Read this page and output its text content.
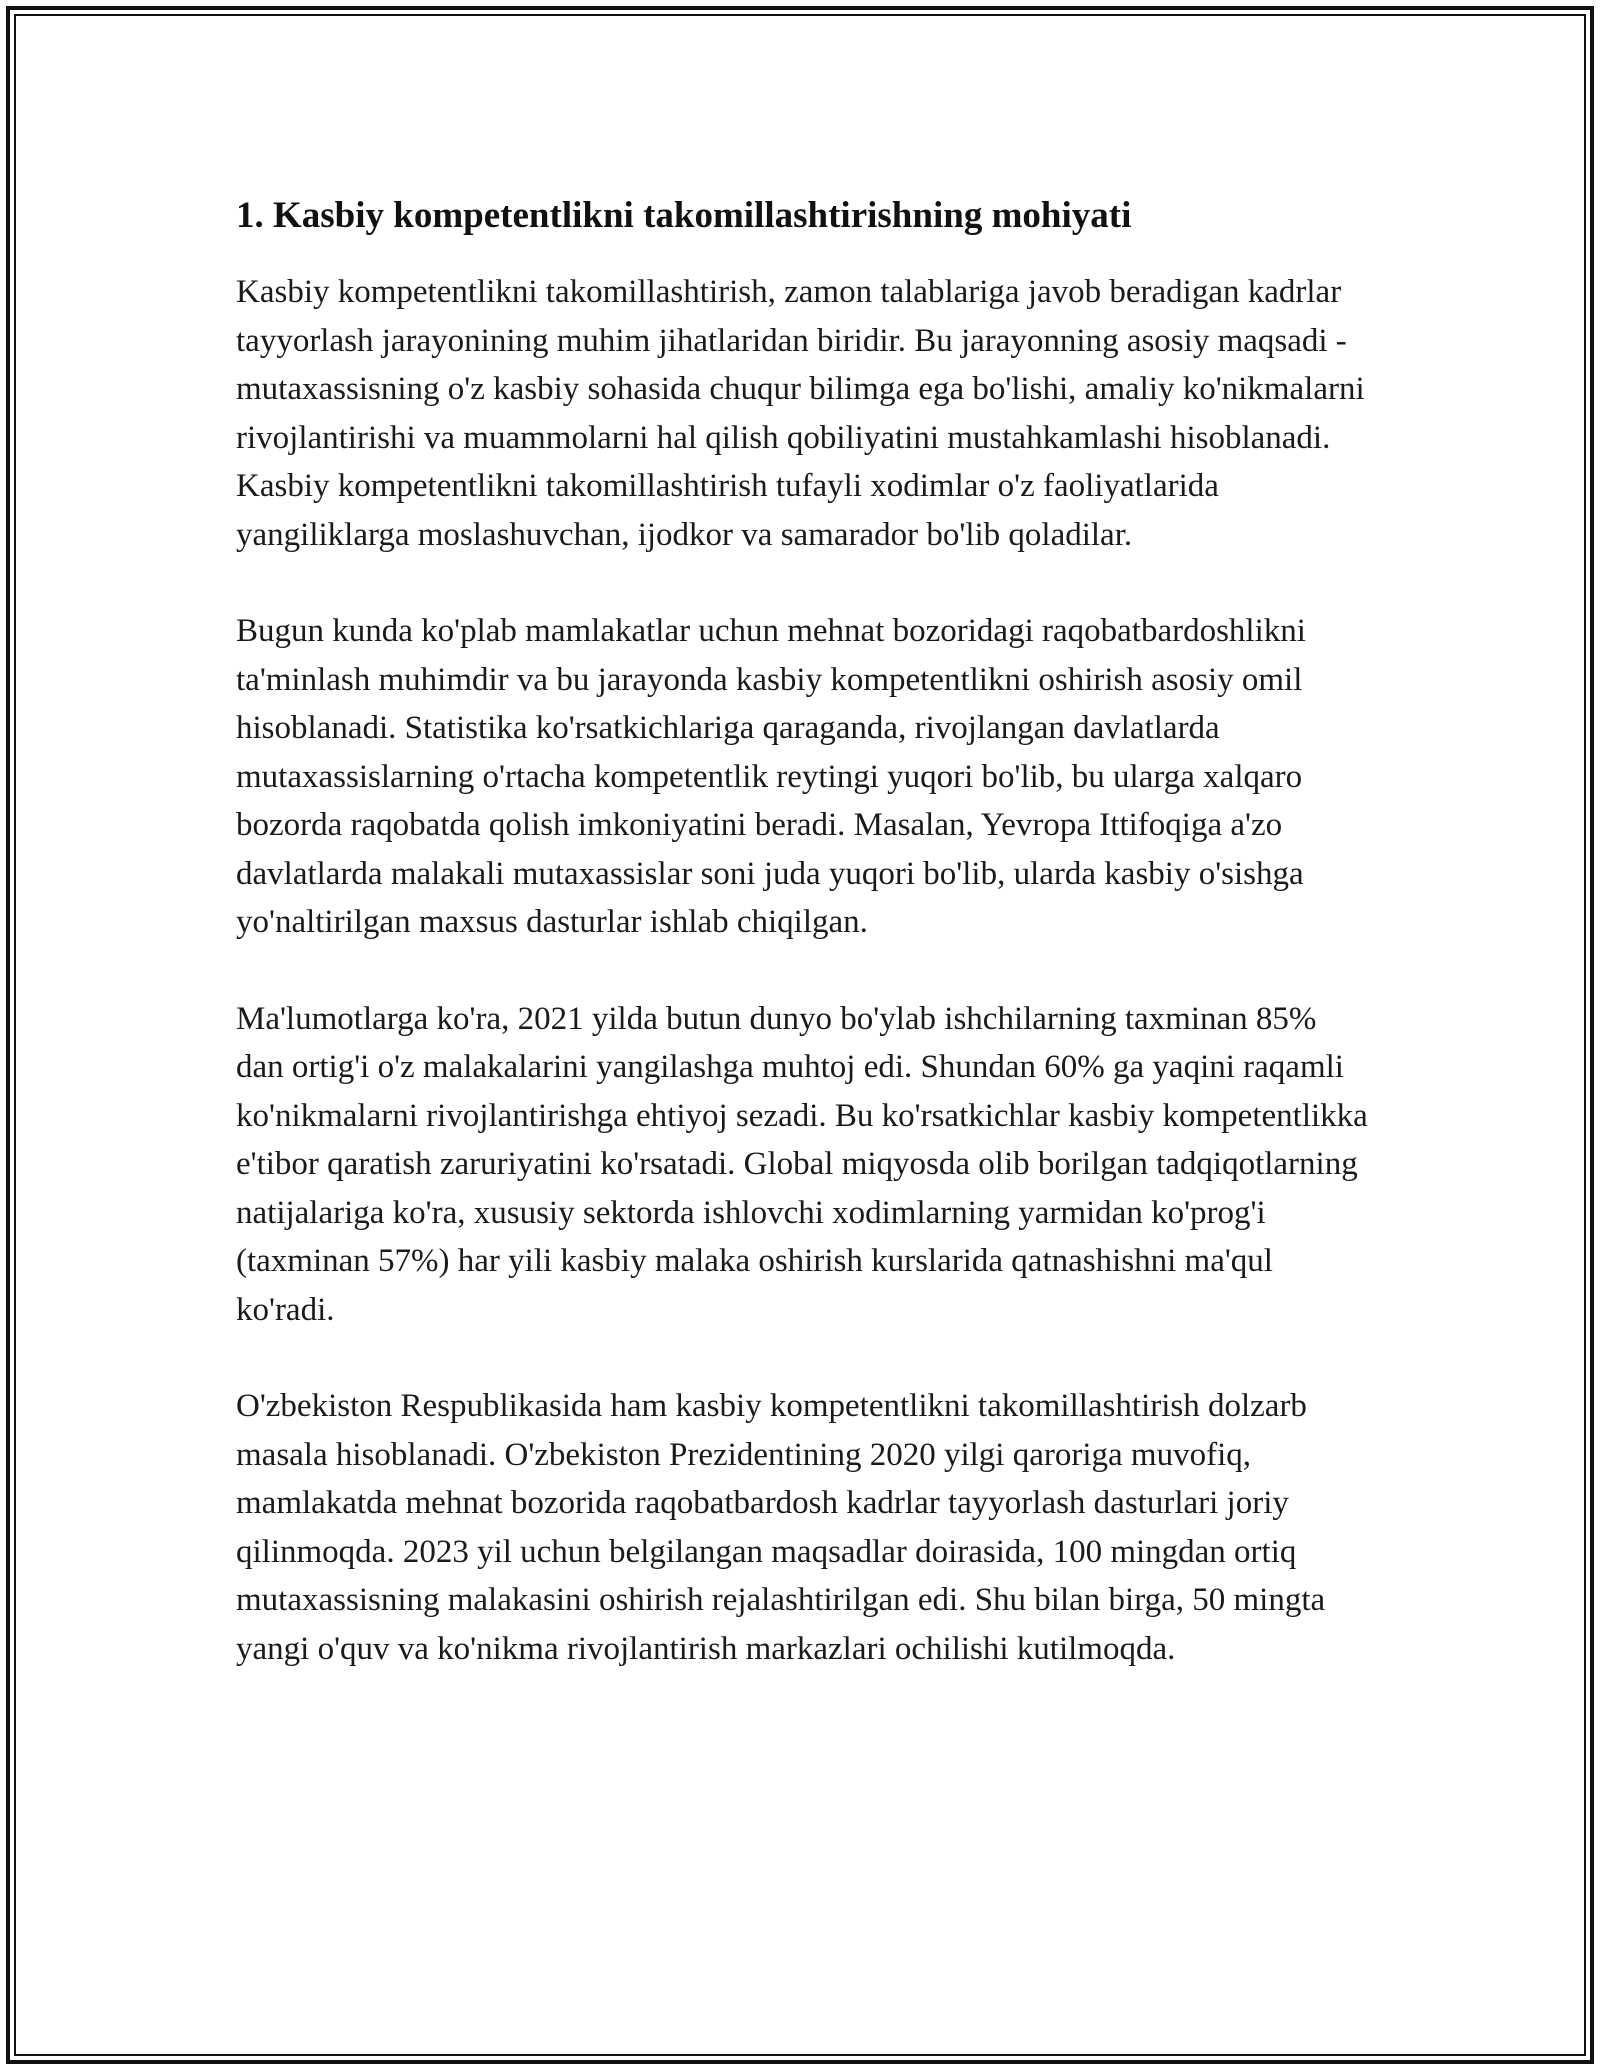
1. Kasbiy kompetentlikni takomillashtirishning mohiyati

Kasbiy kompetentlikni takomillashtirish, zamon talablariga javob beradigan kadrlar tayyorlash jarayonining muhim jihatlaridan biridir. Bu jarayonning asosiy maqsadi - mutaxassisning o'z kasbiy sohasida chuqur bilimga ega bo'lishi, amaliy ko'nikmalarni rivojlantirishi va muammolarni hal qilish qobiliyatini mustahkamlashi hisoblanadi. Kasbiy kompetentlikni takomillashtirish tufayli xodimlar o'z faoliyatlarida yangiliklarga moslashuvchan, ijodkor va samarador bo'lib qoladilar.

Bugun kunda ko'plab mamlakatlar uchun mehnat bozoridagi raqobatbardoshlikni ta'minlash muhimdir va bu jarayonda kasbiy kompetentlikni oshirish asosiy omil hisoblanadi. Statistika ko'rsatkichlariga qaraganda, rivojlangan davlatlarda mutaxassislarning o'rtacha kompetentlik reytingi yuqori bo'lib, bu ularga xalqaro bozorda raqobatda qolish imkoniyatini beradi. Masalan, Yevropa Ittifoqiga a'zo davlatlarda malakali mutaxassislar soni juda yuqori bo'lib, ularda kasbiy o'sishga yo'naltirilgan maxsus dasturlar ishlab chiqilgan.

Ma'lumotlarga ko'ra, 2021 yilda butun dunyo bo'ylab ishchilarning taxminan 85% dan ortig'i o'z malakalarini yangilashga muhtoj edi. Shundan 60% ga yaqini raqamli ko'nikmalarni rivojlantirishga ehtiyoj sezadi. Bu ko'rsatkichlar kasbiy kompetentlikka e'tibor qaratish zaruriyatini ko'rsatadi. Global miqyosda olib borilgan tadqiqotlarning natijalariga ko'ra, xususiy sektorda ishlovchi xodimlarning yarmidan ko'prog'i (taxminan 57%) har yili kasbiy malaka oshirish kurslarida qatnashishni ma'qul ko'radi.

O'zbekiston Respublikasida ham kasbiy kompetentlikni takomillashtirish dolzarb masala hisoblanadi. O'zbekiston Prezidentining 2020 yilgi qaroriga muvofiq, mamlakatda mehnat bozorida raqobatbardosh kadrlar tayyorlash dasturlari joriy qilinmoqda. 2023 yil uchun belgilangan maqsadlar doirasida, 100 mingdan ortiq mutaxassisning malakasini oshirish rejalashtirilgan edi. Shu bilan birga, 50 mingta yangi o'quv va ko'nikma rivojlantirish markazlari ochilishi kutilmoqda.
